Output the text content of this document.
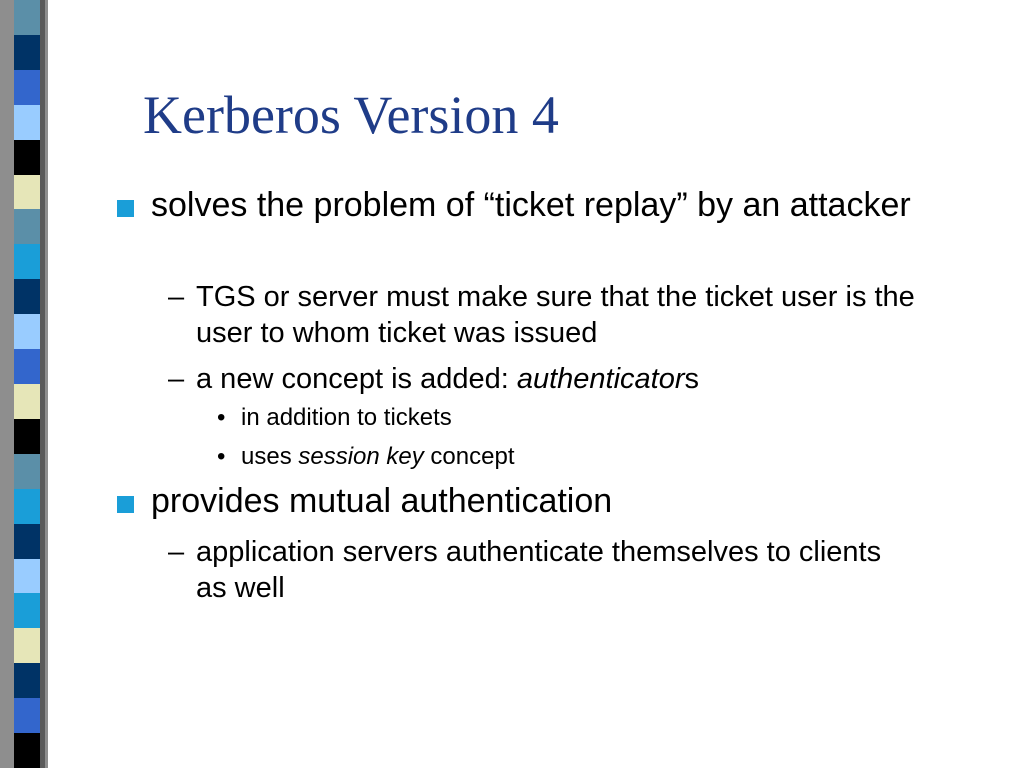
Kerberos Version 4
solves the problem of “ticket replay” by an attacker
– TGS or server must make sure that the ticket user is the user to whom ticket was issued
– a new concept is added: authenticators
• in addition to tickets
• uses session key concept
provides mutual authentication
– application servers authenticate themselves to clients as well
